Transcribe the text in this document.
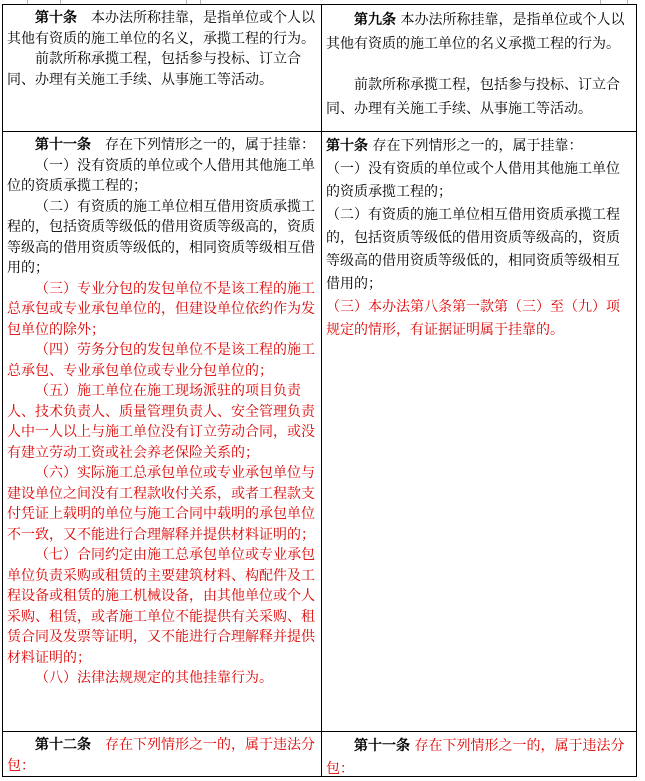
第十条　本办法所称挂靠，是指单位或个人以其他有资质的施工单位的名义，承揽工程的行为。

前款所称承揽工程，包括参与投标、订立合同、办理有关施工手续、从事施工等活动。

第九条 本办法所称挂靠，是指单位或个人以其他有资质的施工单位的名义承揽工程的行为。

前款所称承揽工程，包括参与投标、订立合同、办理有关施工手续、从事施工等活动。

第十一条　存在下列情形之一的，属于挂靠：

（一）没有资质的单位或个人借用其他施工单位的资质承揽工程的；

（二）有资质的施工单位相互借用资质承揽工程的，包括资质等级低的借用资质等级高的，资质等级高的借用资质等级低的，相同资质等级相互借用的；

（三）专业分包的发包单位不是该工程的施工总承包或专业承包单位的，但建设单位依约作为发包单位的除外；

（四）劳务分包的发包单位不是该工程的施工总承包、专业承包单位或专业分包单位的；

（五）施工单位在施工现场派驻的项目负责人、技术负责人、质量管理负责人、安全管理负责人中一人以上与施工单位没有订立劳动合同，或没有建立劳动工资或社会养老保险关系的；

（六）实际施工总承包单位或专业承包单位与建设单位之间没有工程款收付关系，或者工程款支付凭证上载明的单位与施工合同中载明的承包单位不一致，又不能进行合理解释并提供材料证明的；

（七）合同约定由施工总承包单位或专业承包单位负责采购或租赁的主要建筑材料、构配件及工程设备或租赁的施工机械设备，由其他单位或个人采购、租赁，或者施工单位不能提供有关采购、租赁合同及发票等证明，又不能进行合理解释并提供材料证明的；

（八）法律法规规定的其他挂靠行为。

第十条 存在下列情形之一的，属于挂靠：

（一）没有资质的单位或个人借用其他施工单位的资质承揽工程的；

（二）有资质的施工单位相互借用资质承揽工程的，包括资质等级低的借用资质等级高的，资质等级高的借用资质等级低的，相同资质等级相互借用的；

（三）本办法第八条第一款第（三）至（九）项规定的情形，有证据证明属于挂靠的。

第十二条　 存在下列情形之一的，属于违法分包：

第十一条 存在下列情形之一的，属于违法分包：
